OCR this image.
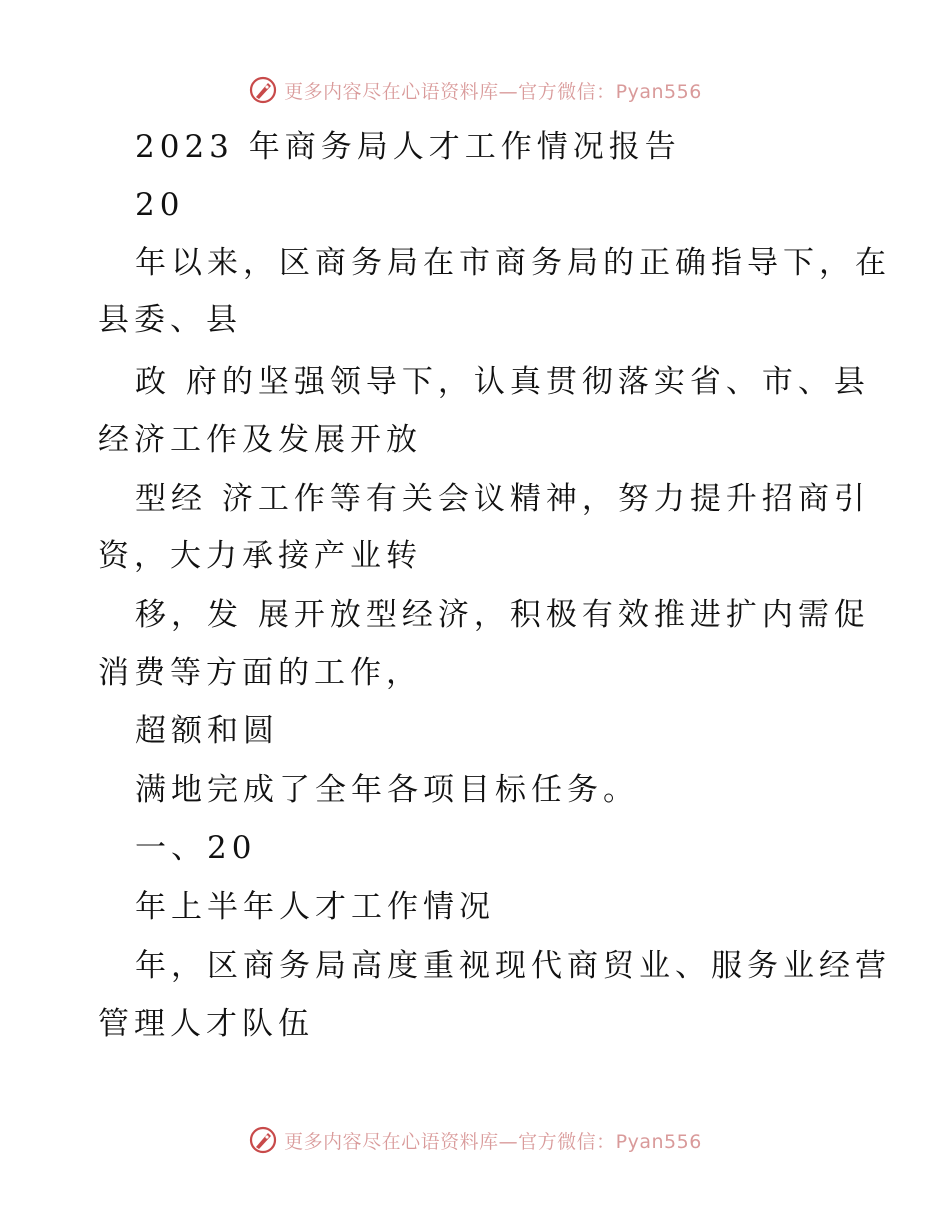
更多内容尽在心语资料库—官方微信：Pyan556
2023 年商务局人才工作情况报告
20
年以来，区商务局在市商务局的正确指导下，在
县委、县
政 府的坚强领导下，认真贯彻落实省、市、县
经济工作及发展开放
型经 济工作等有关会议精神，努力提升招商引
资，大力承接产业转
移，发 展开放型经济，积极有效推进扩内需促
消费等方面的工作，
超额和圆
满地完成了全年各项目标任务。
一、20
年上半年人才工作情况
年，区商务局高度重视现代商贸业、服务业经营
管理人才队伍
更多内容尽在心语资料库—官方微信：Pyan556
